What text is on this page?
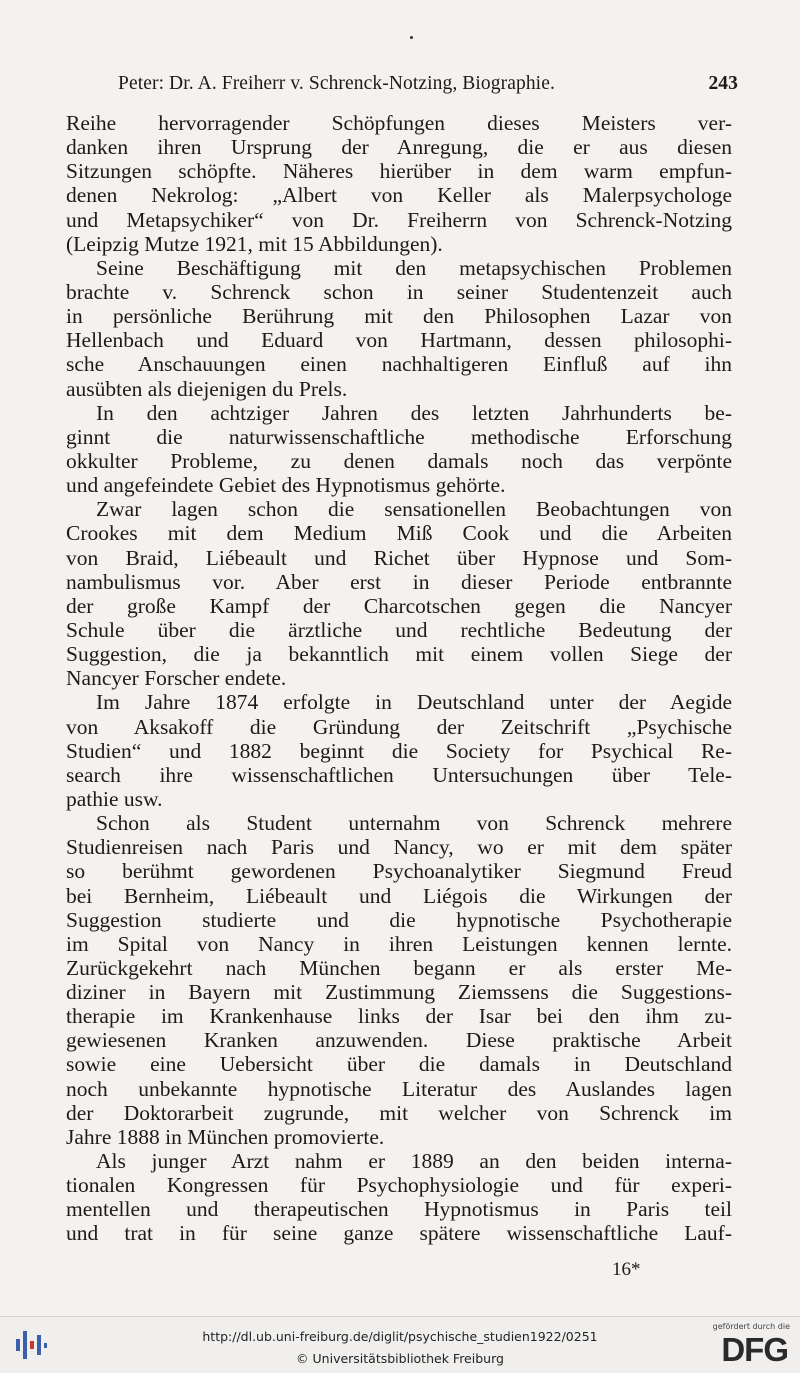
Peter: Dr. A. Freiherr v. Schrenck-Notzing, Biographie.	243
Reihe hervorragender Schöpfungen dieses Meisters ver-
danken ihren Ursprung der Anregung, die er aus diesen
Sitzungen schöpfte. Näheres hierüber in dem warm empfun-
denen Nekrolog: „Albert von Keller als Malerpsychologe
und Metapsychiker“ von Dr. Freiherrn von Schrenck-Notzing
(Leipzig Mutze 1921, mit 15 Abbildungen).
Seine Beschäftigung mit den metapsychischen Problemen
brachte v. Schrenck schon in seiner Studentenzeit auch
in persönliche Berührung mit den Philosophen Lazar von
Hellenbach und Eduard von Hartmann, dessen philosophi-
sche Anschauungen einen nachhaltigeren Einfluß auf ihn
ausübten als diejenigen du Prels.
In den achtziger Jahren des letzten Jahrhunderts be-
ginnt die naturwissenschaftliche methodische Erforschung
okkulter Probleme, zu denen damals noch das verpönte
und angefeindete Gebiet des Hypnotismus gehörte.
Zwar lagen schon die sensationellen Beobachtungen von
Crookes mit dem Medium Miß Cook und die Arbeiten
von Braid, Liébeault und Richet über Hypnose und Som-
nambulismus vor. Aber erst in dieser Periode entbrannte
der große Kampf der Charcotschen gegen die Nancyer
Schule über die ärztliche und rechtliche Bedeutung der
Suggestion, die ja bekanntlich mit einem vollen Siege der
Nancyer Forscher endete.
Im Jahre 1874 erfolgte in Deutschland unter der Aegide
von Aksakoff die Gründung der Zeitschrift „Psychische
Studien“ und 1882 beginnt die Society for Psychical Re-
search ihre wissenschaftlichen Untersuchungen über Tele-
pathie usw.
Schon als Student unternahm von Schrenck mehrere
Studienreisen nach Paris und Nancy, wo er mit dem später
so berühmt gewordenen Psychoanalytiker Siegmund Freud
bei Bernheim, Liébeault und Liégois die Wirkungen der
Suggestion studierte und die hypnotische Psychotherapie
im Spital von Nancy in ihren Leistungen kennen lernte.
Zurückgekehrt nach München begann er als erster Me-
diziner in Bayern mit Zustimmung Ziemssens die Suggestions-
therapie im Krankenhause links der Isar bei den ihm zu-
gewiesenen Kranken anzuwenden. Diese praktische Arbeit
sowie eine Uebersicht über die damals in Deutschland
noch unbekannte hypnotische Literatur des Auslandes lagen
der Doktorarbeit zugrunde, mit welcher von Schrenck im
Jahre 1888 in München promovierte.
Als junger Arzt nahm er 1889 an den beiden interna-
tionalen Kongressen für Psychophysiologie und für experi-
mentellen und therapeutischen Hypnotismus in Paris teil
und trat in für seine ganze spätere wissenschaftliche Lauf-
16*
http://dl.ub.uni-freiburg.de/diglit/psychische_studien1922/0251
© Universitätsbibliothek Freiburg
gefördert durch die
DFG
